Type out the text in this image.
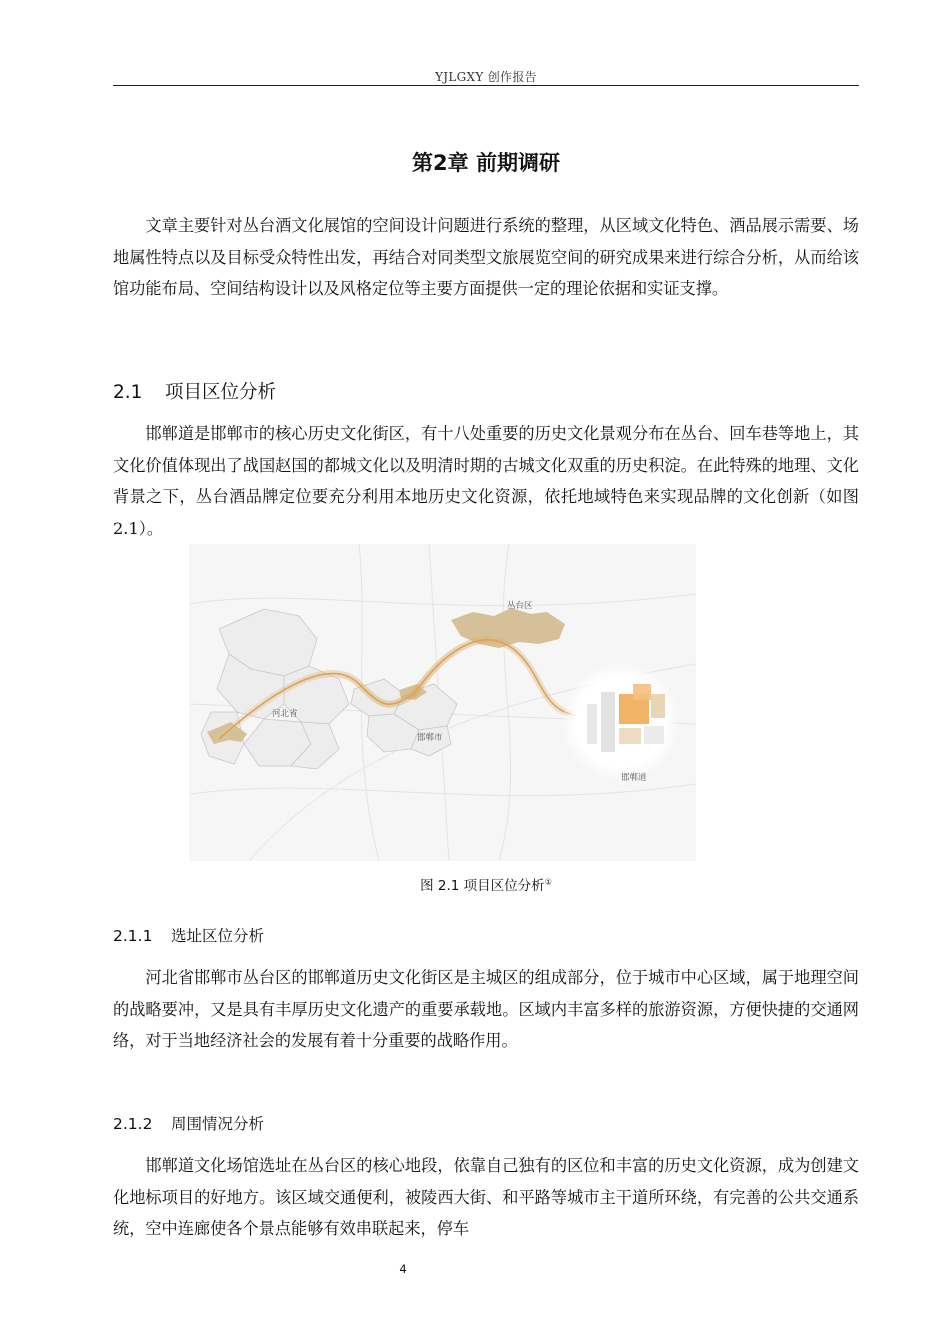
YJLGXY 创作报告
第2章 前期调研

文章主要针对丛台酒文化展馆的空间设计问题进行系统的整理，从区域文化特色、酒品展示需要、场地属性特点以及目标受众特性出发，再结合对同类型文旅展览空间的研究成果来进行综合分析，从而给该馆功能布局、空间结构设计以及风格定位等主要方面提供一定的理论依据和实证支撑。

2.1 项目区位分析

邯郸道是邯郸市的核心历史文化街区，有十八处重要的历史文化景观分布在丛台、回车巷等地上，其文化价值体现出了战国赵国的都城文化以及明清时期的古城文化双重的历史积淀。在此特殊的地理、文化背景之下，丛台酒品牌定位要充分利用本地历史文化资源，依托地域特色来实现品牌的文化创新（如图 2.1）。

河北省
邯郸市
丛台区
邯郸道
图 2.1 项目区位分析①
2.1.1 选址区位分析

河北省邯郸市丛台区的邯郸道历史文化街区是主城区的组成部分，位于城市中心区域，属于地理空间的战略要冲，又是具有丰厚历史文化遗产的重要承载地。区域内丰富多样的旅游资源，方便快捷的交通网络，对于当地经济社会的发展有着十分重要的战略作用。

2.1.2 周围情况分析

邯郸道文化场馆选址在丛台区的核心地段，依靠自己独有的区位和丰富的历史文化资源，成为创建文化地标项目的好地方。该区域交通便利，被陵西大街、和平路等城市主干道所环绕，有完善的公共交通系统，空中连廊使各个景点能够有效串联起来，停车

4
